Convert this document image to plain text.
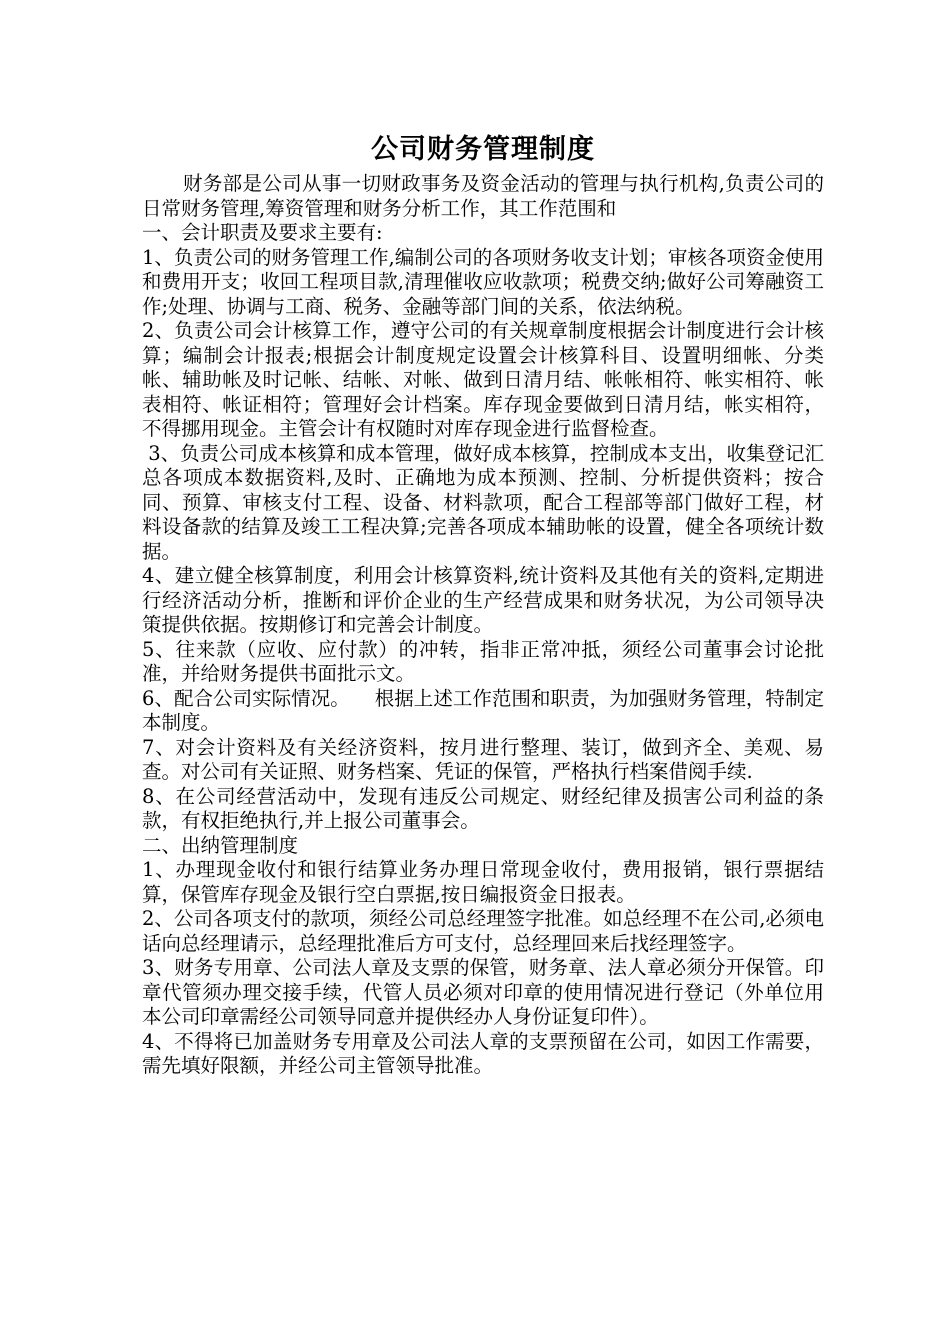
公司财务管理制度

财务部是公司从事一切财政事务及资金活动的管理与执行机构,负责公司的日常财务管理,筹资管理和财务分析工作，其工作范围和

一、会计职责及要求主要有:

1、负责公司的财务管理工作,编制公司的各项财务收支计划；审核各项资金使用和费用开支；收回工程项目款,清理催收应收款项；税费交纳;做好公司筹融资工作;处理、协调与工商、税务、金融等部门间的关系，依法纳税。

2、负责公司会计核算工作，遵守公司的有关规章制度根据会计制度进行会计核算；编制会计报表;根据会计制度规定设置会计核算科目、设置明细帐、分类帐、辅助帐及时记帐、结帐、对帐、做到日清月结、帐帐相符、帐实相符、帐表相符、帐证相符；管理好会计档案。库存现金要做到日清月结，帐实相符，不得挪用现金。主管会计有权随时对库存现金进行监督检查。

3、负责公司成本核算和成本管理，做好成本核算，控制成本支出，收集登记汇总各项成本数据资料,及时、正确地为成本预测、控制、分析提供资料；按合同、预算、审核支付工程、设备、材料款项，配合工程部等部门做好工程，材料设备款的结算及竣工工程决算;完善各项成本辅助帐的设置，健全各项统计数据。

4、建立健全核算制度，利用会计核算资料,统计资料及其他有关的资料,定期进行经济活动分析，推断和评价企业的生产经营成果和财务状况，为公司领导决策提供依据。按期修订和完善会计制度。

5、往来款（应收、应付款）的冲转，指非正常冲抵，须经公司董事会讨论批准，并给财务提供书面批示文。

6、配合公司实际情况。    根据上述工作范围和职责，为加强财务管理，特制定本制度。

7、对会计资料及有关经济资料，按月进行整理、装订，做到齐全、美观、易查。对公司有关证照、财务档案、凭证的保管，严格执行档案借阅手续.

8、在公司经营活动中，发现有违反公司规定、财经纪律及损害公司利益的条款，有权拒绝执行,并上报公司董事会。

二、出纳管理制度

1、办理现金收付和银行结算业务办理日常现金收付，费用报销，银行票据结算，保管库存现金及银行空白票据,按日编报资金日报表。

2、公司各项支付的款项，须经公司总经理签字批准。如总经理不在公司,必须电话向总经理请示，总经理批准后方可支付，总经理回来后找经理签字。

3、财务专用章、公司法人章及支票的保管，财务章、法人章必须分开保管。印章代管须办理交接手续，代管人员必须对印章的使用情况进行登记（外单位用本公司印章需经公司领导同意并提供经办人身份证复印件）。

4、不得将已加盖财务专用章及公司法人章的支票预留在公司，如因工作需要，需先填好限额，并经公司主管领导批准。
